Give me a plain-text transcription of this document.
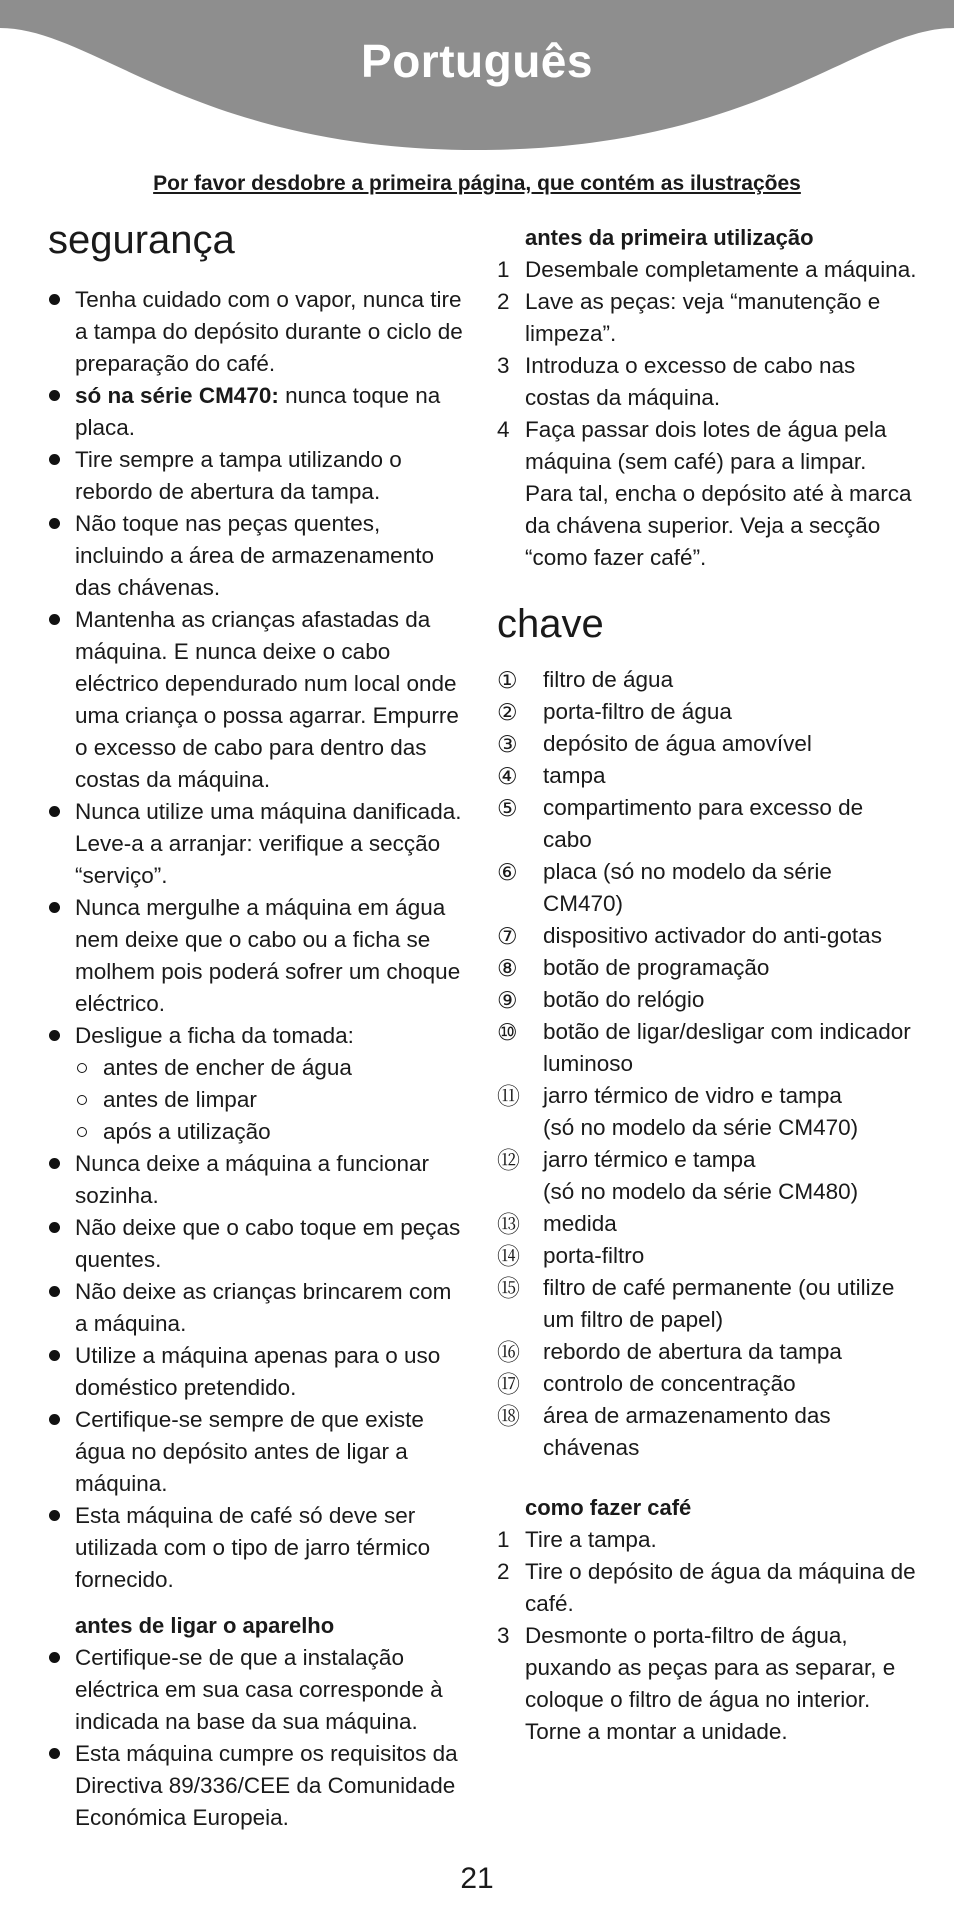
Português
Por favor desdobre a primeira página, que contém as ilustrações
segurança
Tenha cuidado com o vapor, nunca tire a tampa do depósito durante o ciclo de preparação do café.
só na série CM470: nunca toque na placa.
Tire sempre a tampa utilizando o rebordo de abertura da tampa.
Não toque nas peças quentes, incluindo a área de armazenamento das chávenas.
Mantenha as crianças afastadas da máquina. E nunca deixe o cabo eléctrico dependurado num local onde uma criança o possa agarrar. Empurre o excesso de cabo para dentro das costas da máquina.
Nunca utilize uma máquina danificada. Leve-a a arranjar: verifique a secção “serviço”.
Nunca mergulhe a máquina em água nem deixe que o cabo ou a ficha se molhem pois poderá sofrer um choque eléctrico.
Desligue a ficha da tomada:
antes de encher de água
antes de limpar
após a utilização
Nunca deixe a máquina a funcionar sozinha.
Não deixe que o cabo toque em peças quentes.
Não deixe as crianças brincarem com a máquina.
Utilize a máquina apenas para o uso doméstico pretendido.
Certifique-se sempre de que existe água no depósito antes de ligar a máquina.
Esta máquina de café só deve ser utilizada com o tipo de jarro térmico fornecido.
antes de ligar o aparelho
Certifique-se de que a instalação eléctrica em sua casa corresponde à indicada na base da sua máquina.
Esta máquina cumpre os requisitos da Directiva 89/336/CEE da Comunidade Económica Europeia.
antes da primeira utilização
1 Desembale completamente a máquina.
2 Lave as peças: veja “manutenção e limpeza”.
3 Introduza o excesso de cabo nas costas da máquina.
4 Faça passar dois lotes de água pela máquina (sem café) para a limpar. Para tal, encha o depósito até à marca da chávena superior. Veja a secção “como fazer café”.
chave
①	filtro de água
②	porta-filtro de água
③	depósito de água amovível
④	tampa
⑤	compartimento para excesso de cabo
⑥	placa (só no modelo da série CM470)
⑦	dispositivo activador do anti-gotas
⑧	botão de programação
⑨	botão do relógio
⑩	botão de ligar/desligar com indicador luminoso
⑪	jarro térmico de vidro e tampa
(só no modelo da série CM470)
⑫	jarro térmico e tampa
(só no modelo da série CM480)
⑬	medida
⑭	porta-filtro
⑮	filtro de café permanente (ou utilize um filtro de papel)
⑯	rebordo de abertura da tampa
⑰	controlo de concentração
⑱	área de armazenamento das chávenas
como fazer café
1 Tire a tampa.
2 Tire o depósito de água da máquina de café.
3 Desmonte o porta-filtro de água, puxando as peças para as separar, e coloque o filtro de água no interior. Torne a montar a unidade.
21
